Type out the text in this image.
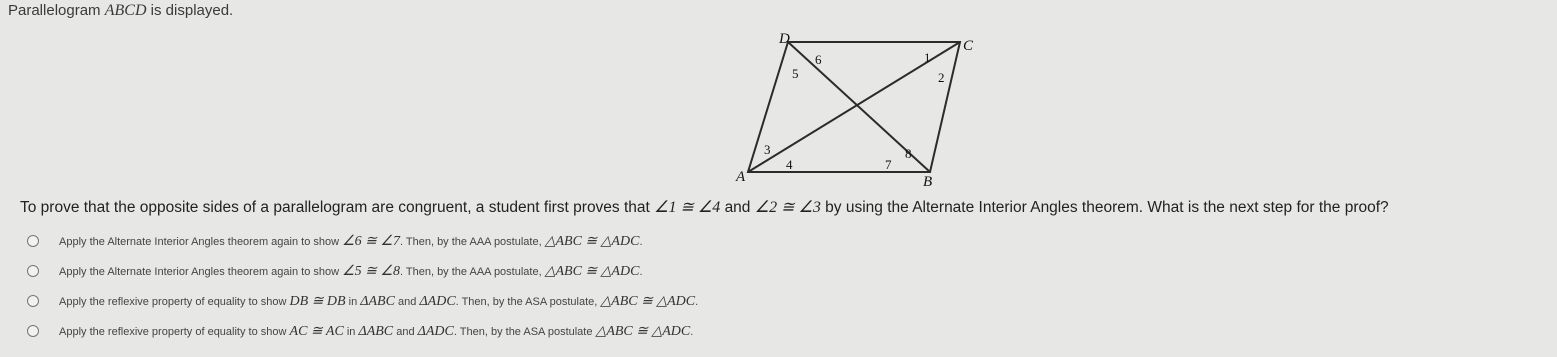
Parallelogram ABCD is displayed.
D	C
A	B
1
2
3
4
5
6
7
8
To prove that the opposite sides of a parallelogram are congruent, a student first proves that ∠1 ≅ ∠4 and ∠2 ≅ ∠3 by using the Alternate Interior Angles theorem. What is the next step for the proof?
Apply the Alternate Interior Angles theorem again to show ∠6 ≅ ∠7. Then, by the AAA postulate, △ABC ≅ △ADC.
Apply the Alternate Interior Angles theorem again to show ∠5 ≅ ∠8. Then, by the AAA postulate, △ABC ≅ △ADC.
Apply the reflexive property of equality to show DB ≅ DB in ΔABC and ΔADC. Then, by the ASA postulate, △ABC ≅ △ADC.
Apply the reflexive property of equality to show AC ≅ AC in ΔABC and ΔADC. Then, by the ASA postulate △ABC ≅ △ADC.
